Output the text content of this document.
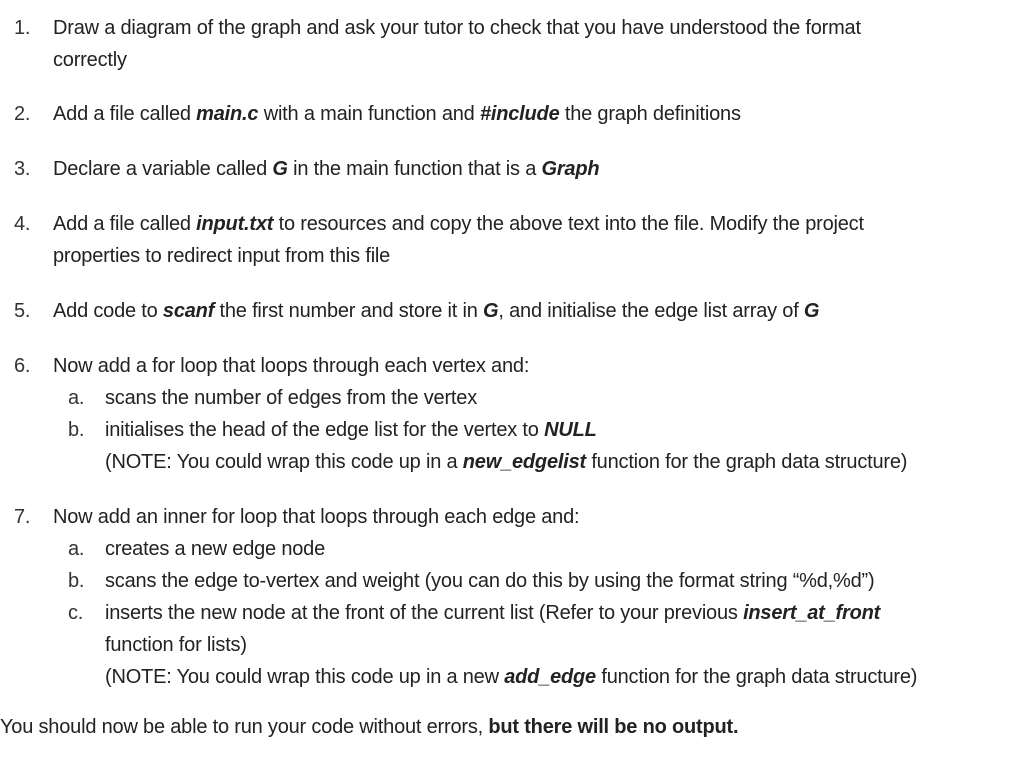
1.	Draw a diagram of the graph and ask your tutor to check that you have understood the format
correctly
2.	Add a file called main.c with a main function and #include the graph definitions
3.	Declare a variable called G in the main function that is a Graph
4.	Add a file called input.txt to resources and copy the above text into the file. Modify the project
properties to redirect input from this file
5.	Add code to scanf the first number and store it in G, and initialise the edge list array of G
6.	Now add a for loop that loops through each vertex and:
a.	scans the number of edges from the vertex
b.	initialises the head of the edge list for the vertex to NULL
(NOTE: You could wrap this code up in a new_edgelist function for the graph data structure)
7.	Now add an inner for loop that loops through each edge and:
a.	creates a new edge node
b.	scans the edge to-vertex and weight (you can do this by using the format string “%d,%d”)
c.	inserts the new node at the front of the current list (Refer to your previous insert_at_front
function for lists)
(NOTE: You could wrap this code up in a new add_edge function for the graph data structure)
You should now be able to run your code without errors, but there will be no output.
